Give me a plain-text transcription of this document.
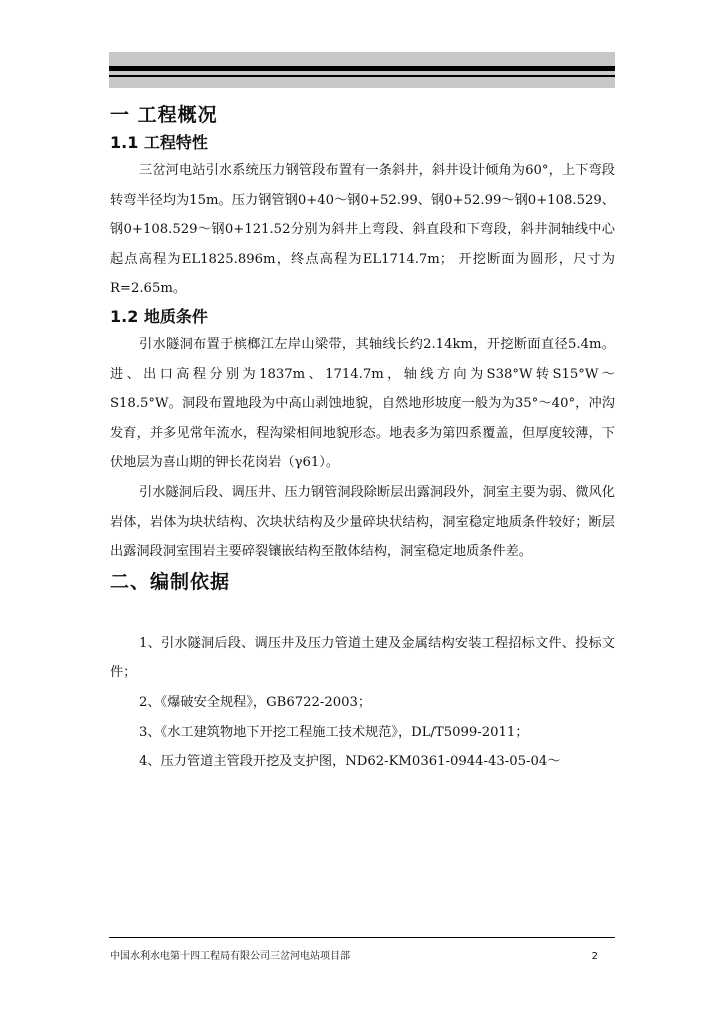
一 工程概况
1.1 工程特性

三岔河电站引水系统压力钢管段布置有一条斜井，斜井设计倾角为60°，上下弯段转弯半径均为15m。压力钢管钢0+40～钢0+52.99、钢0+52.99～钢0+108.529、钢0+108.529～钢0+121.52分别为斜井上弯段、斜直段和下弯段，斜井洞轴线中心起点高程为EL1825.896m，终点高程为EL1714.7m； 开挖断面为圆形，尺寸为R=2.65m。

1.2 地质条件

引水隧洞布置于槟榔江左岸山梁带，其轴线长约2.14km，开挖断面直径5.4m。进、出口高程分别为1837m、1714.7m，轴线方向为S38°W转S15°W～S18.5°W。洞段布置地段为中高山剥蚀地貌，自然地形坡度一般为为35°～40°，冲沟发育，并多见常年流水，程沟梁相间地貌形态。地表多为第四系覆盖，但厚度较薄，下伏地层为喜山期的钾长花岗岩（γ61）。

引水隧洞后段、调压井、压力钢管洞段除断层出露洞段外，洞室主要为弱、微风化岩体，岩体为块状结构、次块状结构及少量碎块状结构，洞室稳定地质条件较好；断层出露洞段洞室围岩主要碎裂镶嵌结构至散体结构，洞室稳定地质条件差。

二、编制依据

1、引水隧洞后段、调压井及压力管道土建及金属结构安装工程招标文件、投标文件；

2、《爆破安全规程》，GB6722-2003；

3、《水工建筑物地下开挖工程施工技术规范》，DL/T5099-2011；

4、压力管道主管段开挖及支护图，ND62-KM0361-0944-43-05-04～

中国水利水电第十四工程局有限公司三岔河电站项目部	2
